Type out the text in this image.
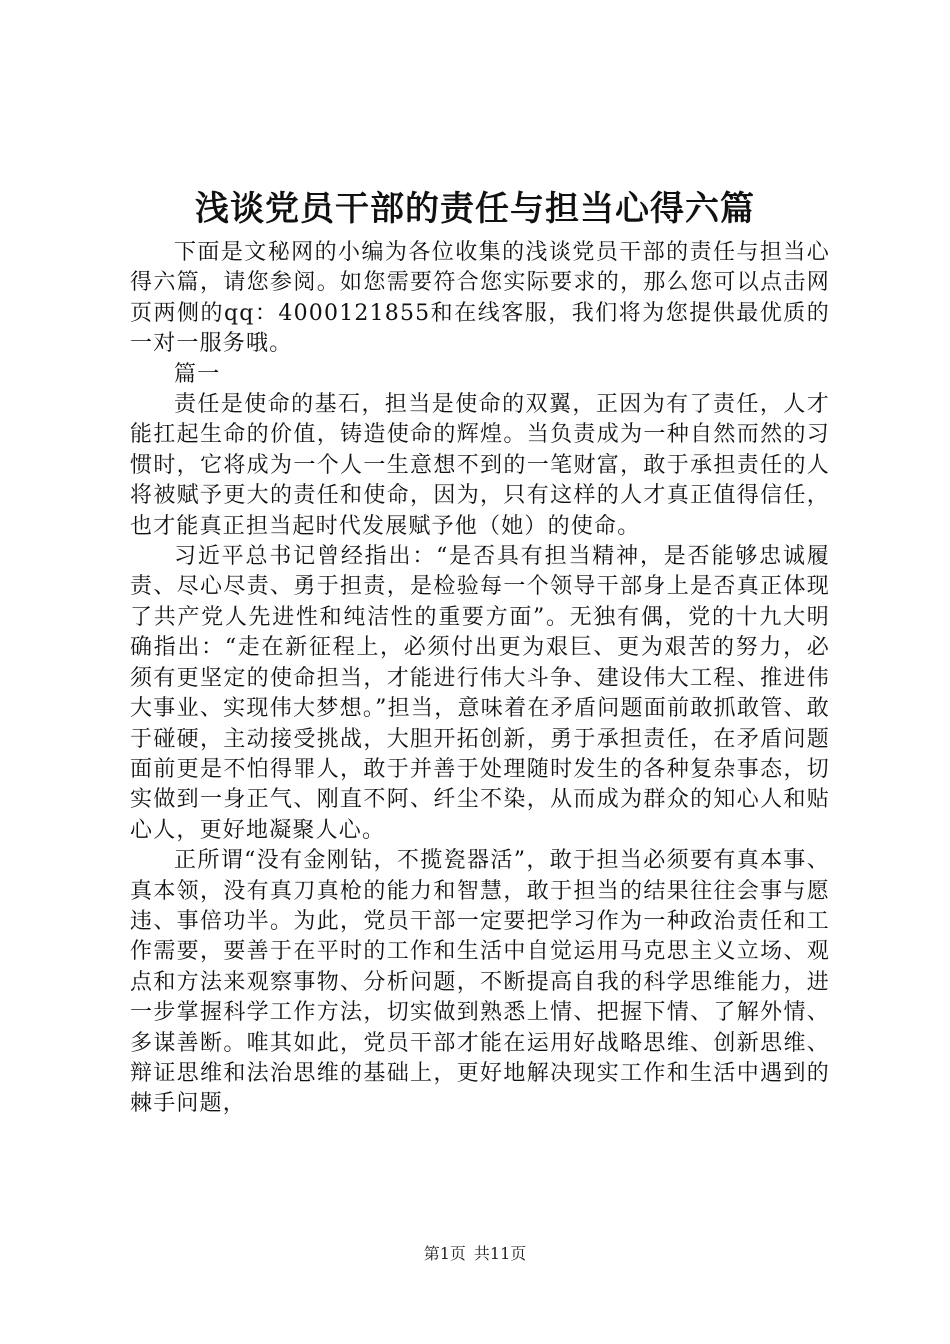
浅谈党员干部的责任与担当心得六篇

下面是文秘网的小编为各位收集的浅谈党员干部的责任与担当心得六篇，请您参阅。如您需要符合您实际要求的，那么您可以点击网页两侧的qq：4000121855和在线客服，我们将为您提供最优质的一对一服务哦。

篇一

责任是使命的基石，担当是使命的双翼，正因为有了责任，人才能扛起生命的价值，铸造使命的辉煌。当负责成为一种自然而然的习惯时，它将成为一个人一生意想不到的一笔财富，敢于承担责任的人将被赋予更大的责任和使命，因为，只有这样的人才真正值得信任，也才能真正担当起时代发展赋予他（她）的使命。

习近平总书记曾经指出：“是否具有担当精神，是否能够忠诚履责、尽心尽责、勇于担责，是检验每一个领导干部身上是否真正体现了共产党人先进性和纯洁性的重要方面”。无独有偶，党的十九大明确指出：“走在新征程上，必须付出更为艰巨、更为艰苦的努力，必须有更坚定的使命担当，才能进行伟大斗争、建设伟大工程、推进伟大事业、实现伟大梦想。”担当，意味着在矛盾问题面前敢抓敢管、敢于碰硬，主动接受挑战，大胆开拓创新，勇于承担责任，在矛盾问题面前更是不怕得罪人，敢于并善于处理随时发生的各种复杂事态，切实做到一身正气、刚直不阿、纤尘不染，从而成为群众的知心人和贴心人，更好地凝聚人心。

正所谓“没有金刚钻，不揽瓷器活”，敢于担当必须要有真本事、真本领，没有真刀真枪的能力和智慧，敢于担当的结果往往会事与愿违、事倍功半。为此，党员干部一定要把学习作为一种政治责任和工作需要，要善于在平时的工作和生活中自觉运用马克思主义立场、观点和方法来观察事物、分析问题，不断提高自我的科学思维能力，进一步掌握科学工作方法，切实做到熟悉上情、把握下情、了解外情、多谋善断。唯其如此，党员干部才能在运用好战略思维、创新思维、辩证思维和法治思维的基础上，更好地解决现实工作和生活中遇到的棘手问题，

第1页 共11页
